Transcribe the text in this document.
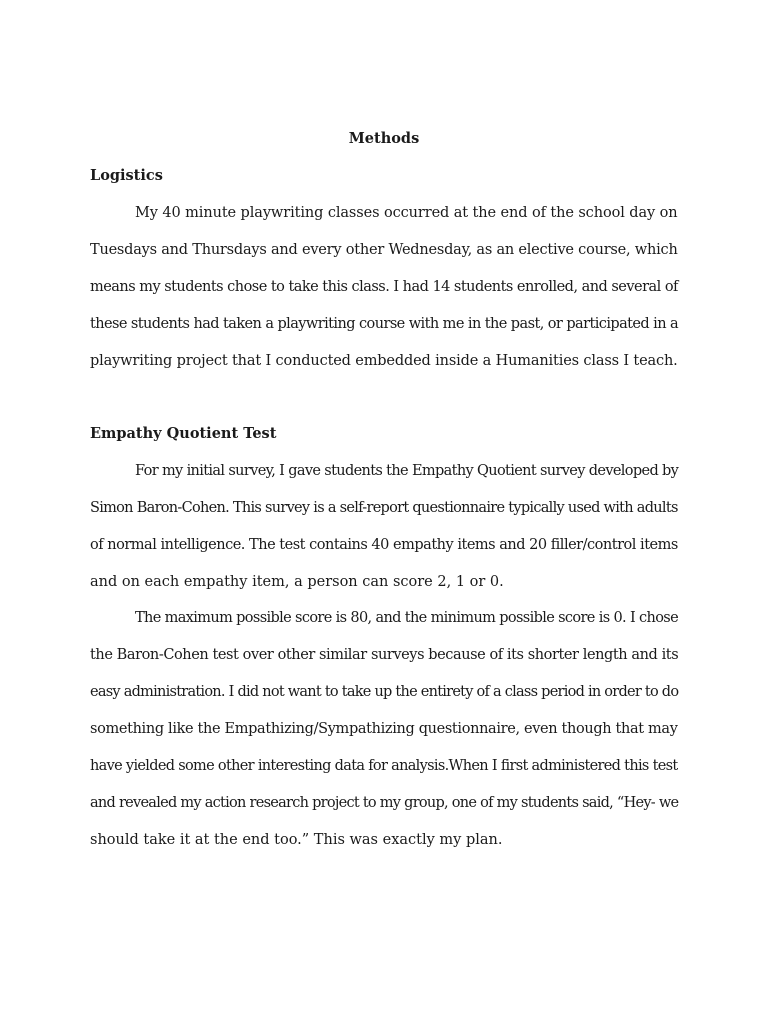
Methods
Logistics
My 40 minute playwriting classes occurred at the end of the school day on
Tuesdays and Thursdays and every other Wednesday, as an elective course, which
means my students chose to take this class. I had 14 students enrolled, and several of
these students had taken a playwriting course with me in the past, or participated in a
playwriting project that I conducted embedded inside a Humanities class I teach.
Empathy Quotient Test
For my initial survey, I gave students the Empathy Quotient survey developed by
Simon Baron-Cohen. This survey is a self-report questionnaire typically used with adults
of normal intelligence. The test contains 40 empathy items and 20 filler/control items
and on each empathy item, a person can score 2, 1 or 0.
The maximum possible score is 80, and the minimum possible score is 0. I chose
the Baron-Cohen test over other similar surveys because of its shorter length and its
easy administration. I did not want to take up the entirety of a class period in order to do
something like the Empathizing/Sympathizing questionnaire, even though that may
have yielded some other interesting data for analysis.When I first administered this test
and revealed my action research project to my group, one of my students said, “Hey- we
should take it at the end too.” This was exactly my plan.
